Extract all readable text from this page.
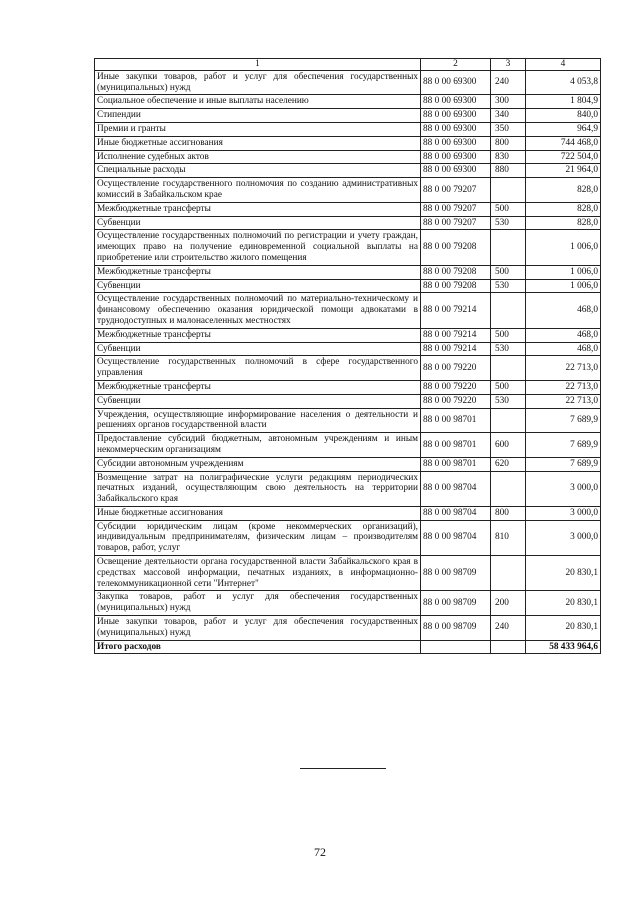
1	2	3	4
Иные закупки товаров, работ и услуг для обеспечения государственных (муниципальных) нужд	88 0 00 69300	240	4 053,8
Социальное обеспечение и иные выплаты населению	88 0 00 69300	300	1 804,9
Стипендии	88 0 00 69300	340	840,0
Премии и гранты	88 0 00 69300	350	964,9
Иные бюджетные ассигнования	88 0 00 69300	800	744 468,0
Исполнение судебных актов	88 0 00 69300	830	722 504,0
Специальные расходы	88 0 00 69300	880	21 964,0
Осуществление государственного полномочия по созданию административных комиссий в Забайкальском крае	88 0 00 79207		828,0
Межбюджетные трансферты	88 0 00 79207	500	828,0
Субвенции	88 0 00 79207	530	828,0
Осуществление государственных полномочий по регистрации и учету граждан, имеющих право на получение единовременной социальной выплаты на приобретение или строительство жилого помещения	88 0 00 79208		1 006,0
Межбюджетные трансферты	88 0 00 79208	500	1 006,0
Субвенции	88 0 00 79208	530	1 006,0
Осуществление государственных полномочий по материально-техническому и финансовому обеспечению оказания юридической помощи адвокатами в труднодоступных и малонаселенных местностях	88 0 00 79214		468,0
Межбюджетные трансферты	88 0 00 79214	500	468,0
Субвенции	88 0 00 79214	530	468,0
Осуществление государственных полномочий в сфере государственного управления	88 0 00 79220		22 713,0
Межбюджетные трансферты	88 0 00 79220	500	22 713,0
Субвенции	88 0 00 79220	530	22 713,0
Учреждения, осуществляющие информирование населения о деятельности и решениях органов государственной власти	88 0 00 98701		7 689,9
Предоставление субсидий бюджетным, автономным учреждениям и иным некоммерческим организациям	88 0 00 98701	600	7 689,9
Субсидии автономным учреждениям	88 0 00 98701	620	7 689,9
Возмещение затрат на полиграфические услуги редакциям периодических печатных изданий, осуществляющим свою деятельность на территории Забайкальского края	88 0 00 98704		3 000,0
Иные бюджетные ассигнования	88 0 00 98704	800	3 000,0
Субсидии юридическим лицам (кроме некоммерческих организаций), индивидуальным предпринимателям, физическим лицам – производителям товаров, работ, услуг	88 0 00 98704	810	3 000,0
Освещение деятельности органа государственной власти Забайкальского края в средствах массовой информации, печатных изданиях, в информационно-телекоммуникационной сети "Интернет"	88 0 00 98709		20 830,1
Закупка товаров, работ и услуг для обеспечения государственных (муниципальных) нужд	88 0 00 98709	200	20 830,1
Иные закупки товаров, работ и услуг для обеспечения государственных (муниципальных) нужд	88 0 00 98709	240	20 830,1
Итого расходов			58 433 964,6
72
